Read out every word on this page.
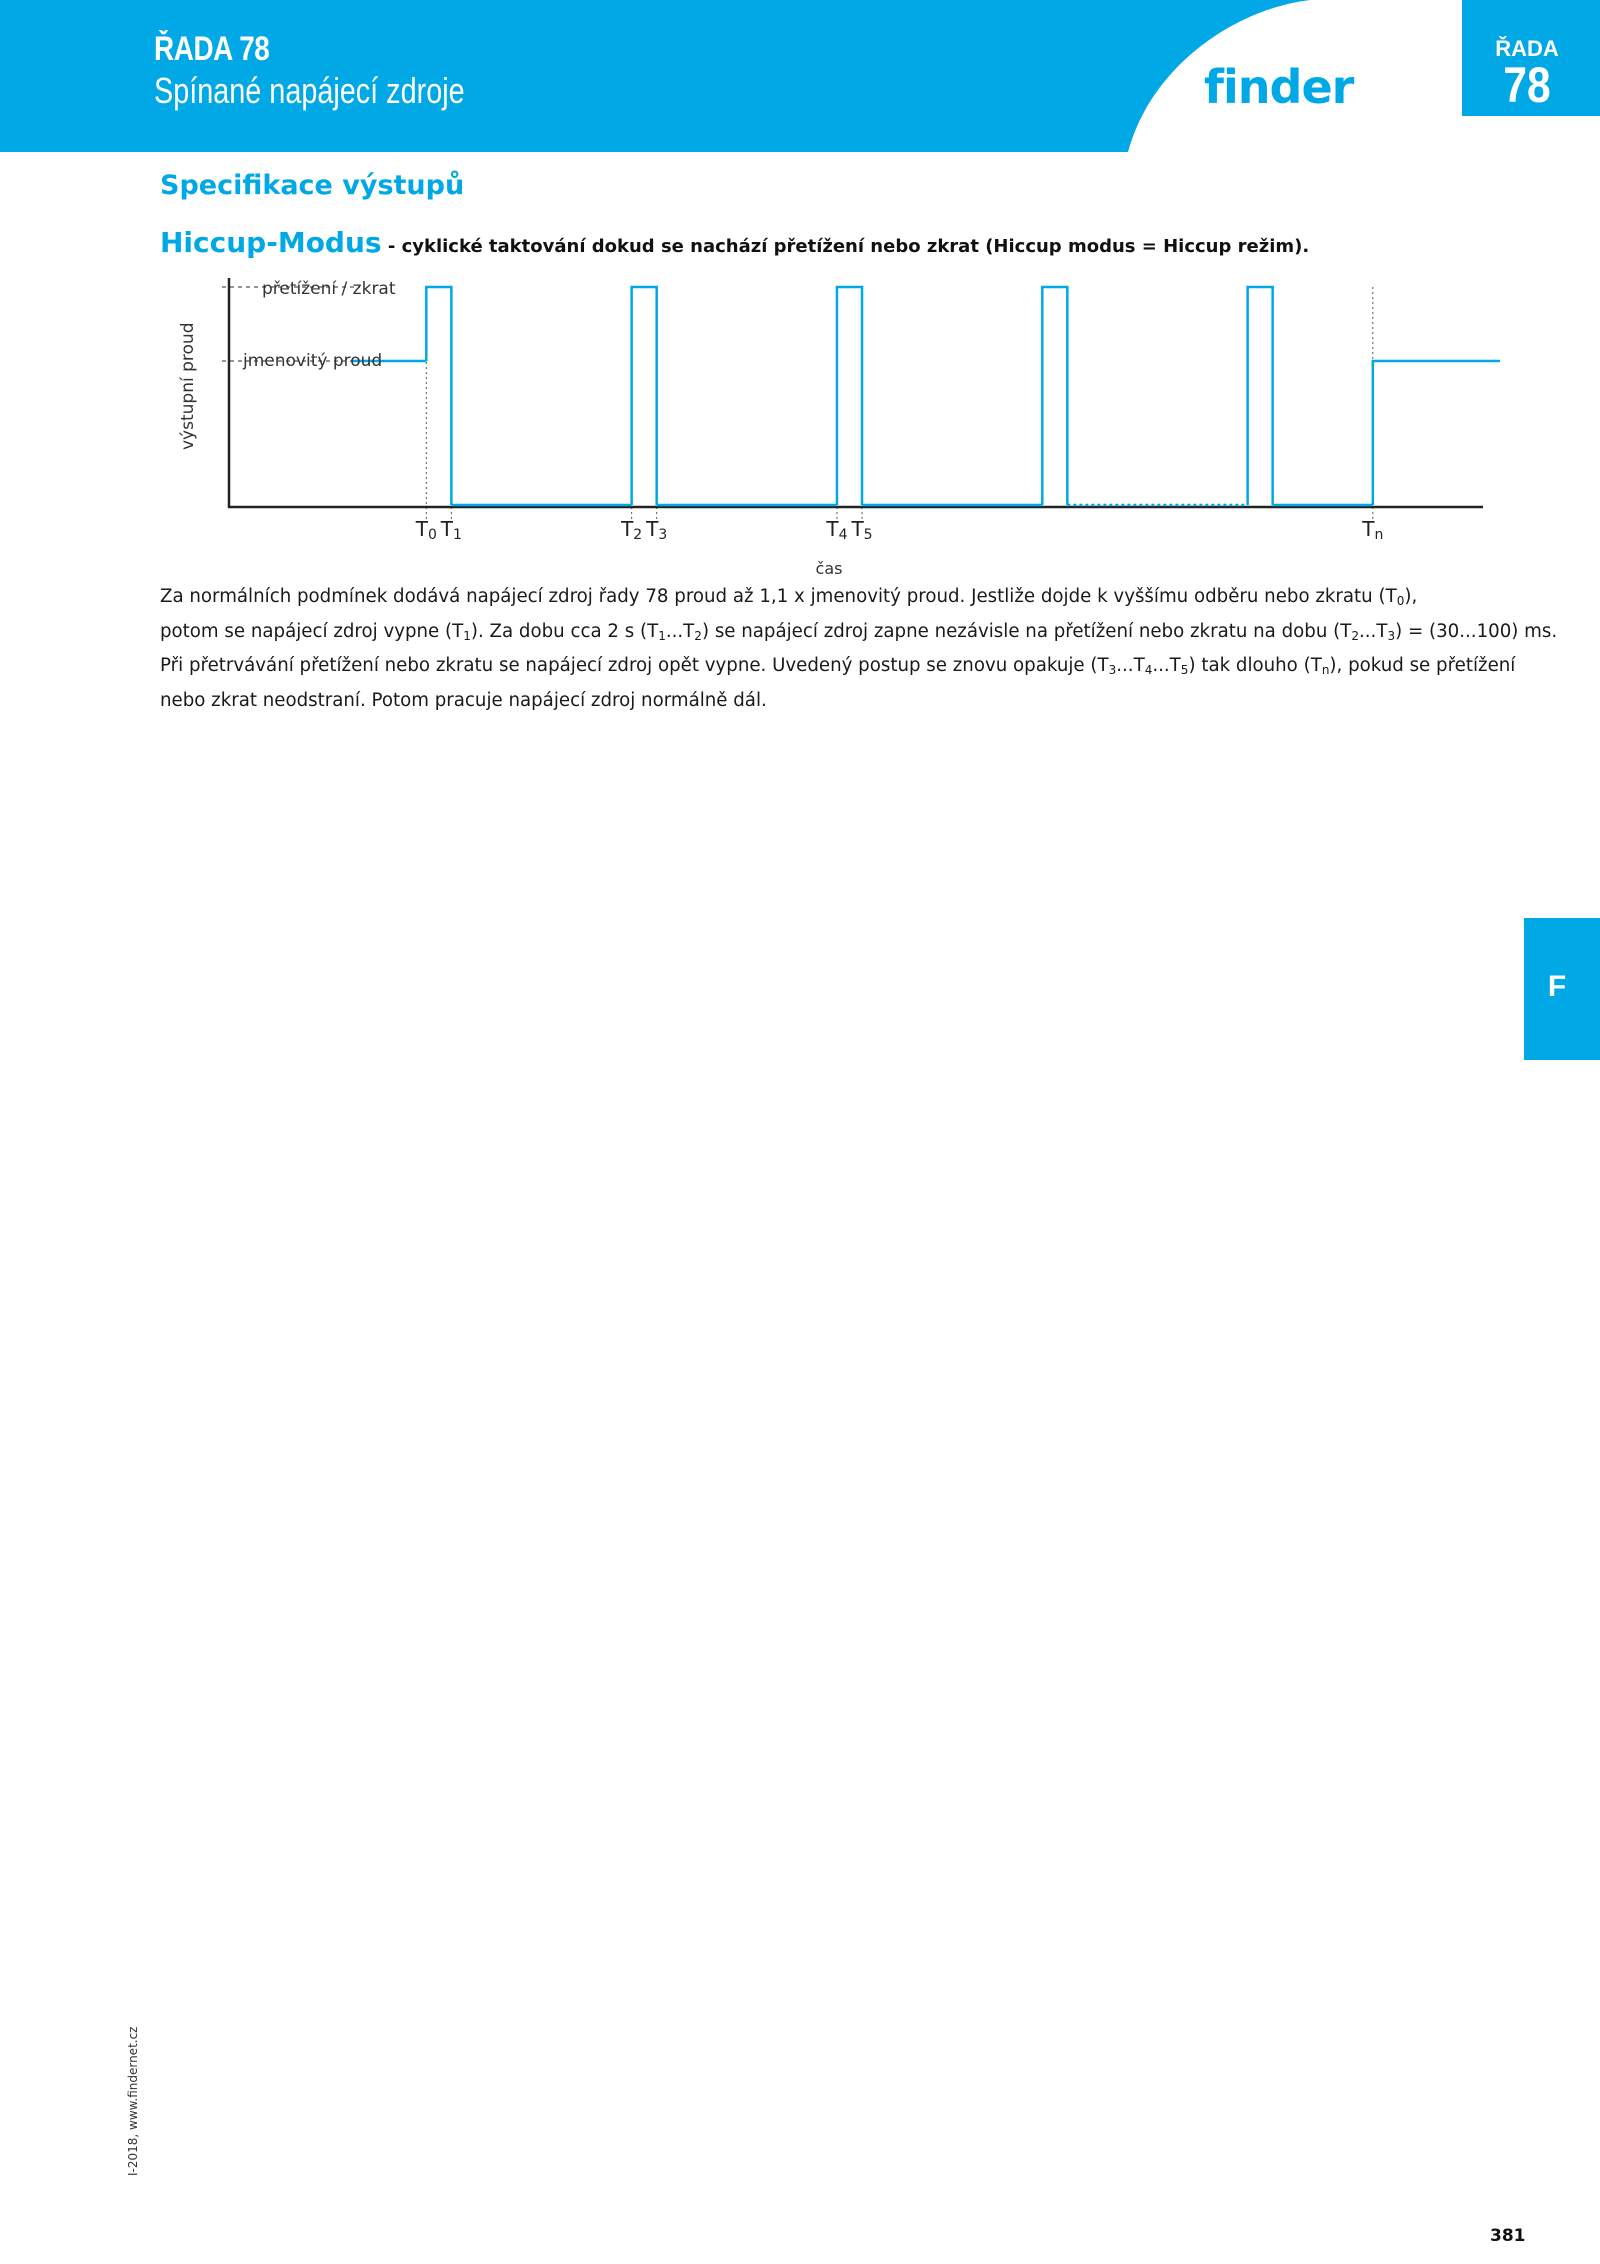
ŘADA 78
Spínané napájecí zdroje	finder
ŘADA
78
Specifikace výstupů
Hiccup-Modus - cyklické taktování dokud se nachází přetížení nebo zkrat (Hiccup modus = Hiccup režim).
T0 T1	T2 T3	T4 T5	Tn
výstupní proud
čas
přetížení / zkrat
jmenovitý proud

Za normálních podmínek dodává napájecí zdroj řady 78 proud až 1,1 x jmenovitý proud. Jestliže dojde k vyššímu odběru nebo zkratu $(T_0)$,

potom se napájecí zdroj vypne $(T_1)$. Za dobu cca 2 s $(T_1...T_2)$ se napájecí zdroj zapne nezávisle na přetížení nebo zkratu na dobu $(T_2...T_3) = (30...100)$ ms.

Při přetrvávání přetížení nebo zkratu se napájecí zdroj opět vypne. Uvedený postup se znovu opakuje $(T_3...T_4...T_5)$ tak dlouho $(T_n)$, pokud se přetížení

nebo zkrat neodstraní. Potom pracuje napájecí zdroj normálně dál.

F
I-2018, www.findernet.cz
381
